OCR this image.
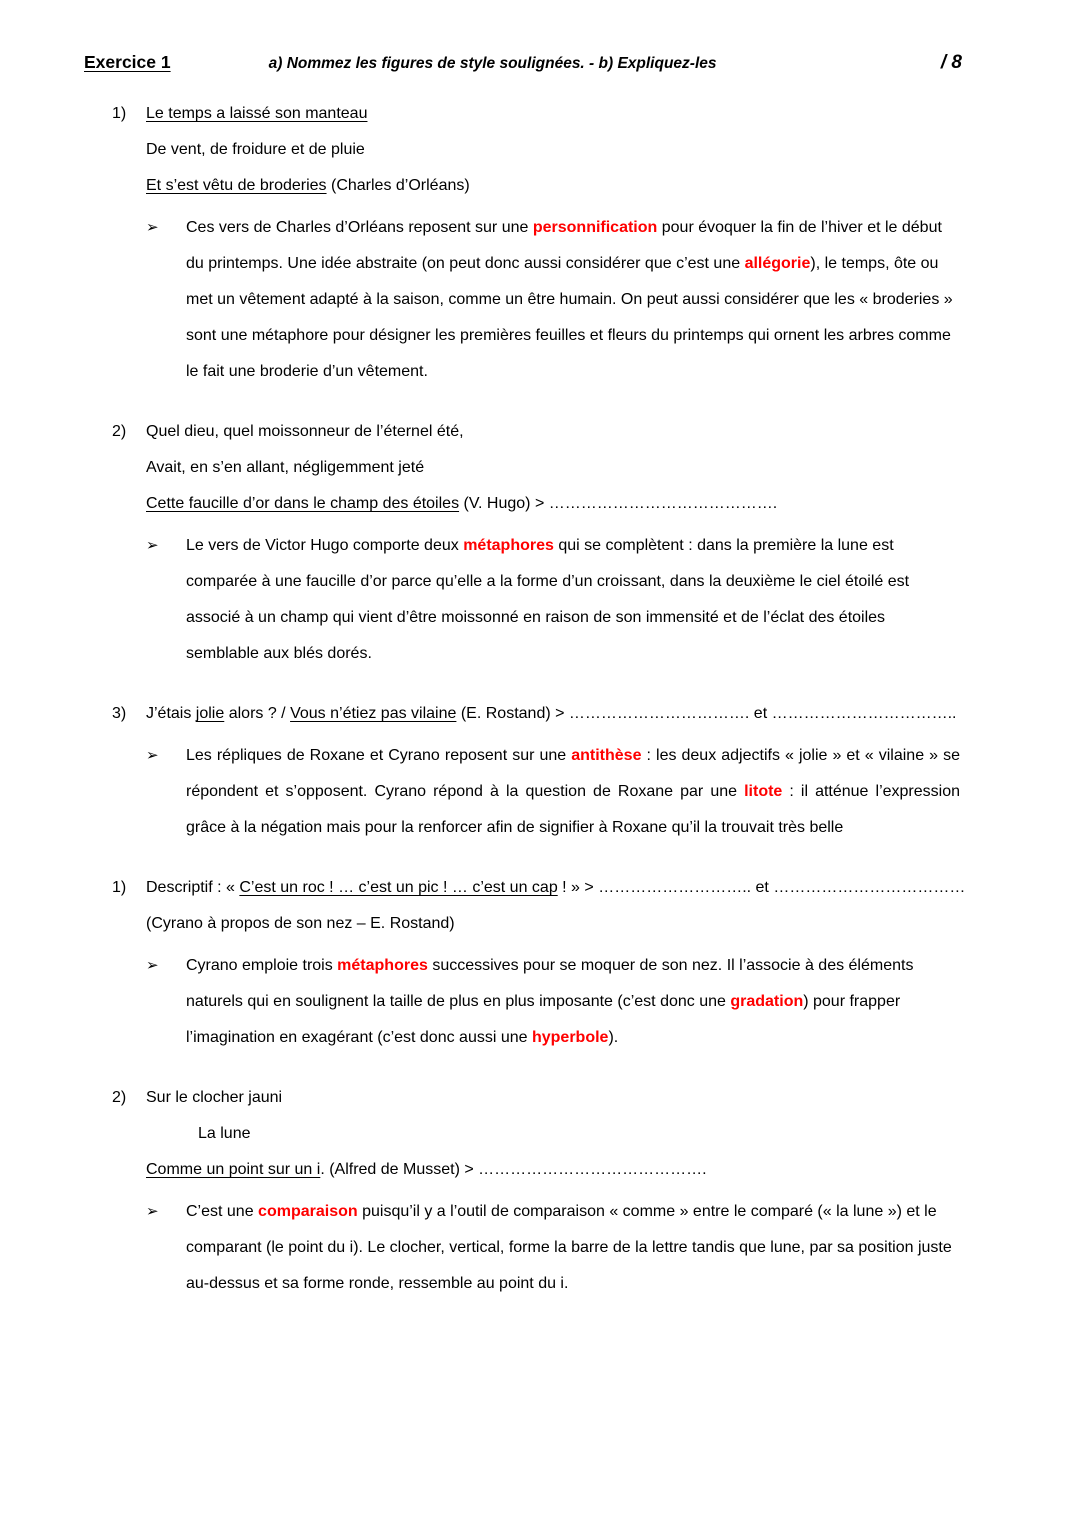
Exercice 1	a) Nommez les figures de style soulignées. - b) Expliquez-les	/ 8
1) Le temps a laissé son manteau
De vent, de froidure et de pluie
Et s’est vêtu de broderies (Charles d’Orléans)
➢ Ces vers de Charles d’Orléans reposent sur une personnification pour évoquer la fin de l’hiver et le début du printemps. Une idée abstraite (on peut donc aussi considérer que c’est une allégorie), le temps, ôte ou met un vêtement adapté à la saison, comme un être humain. On peut aussi considérer que les « broderies » sont une métaphore pour désigner les premières feuilles et fleurs du printemps qui ornent les arbres comme le fait une broderie d’un vêtement.
2) Quel dieu, quel moissonneur de l’éternel été,
Avait, en s’en allant, négligemment jeté
Cette faucille d’or dans le champ des étoiles (V. Hugo) > …………………………………….
➢ Le vers de Victor Hugo comporte deux métaphores qui se complètent : dans la première la lune est comparée à une faucille d’or parce qu’elle a la forme d’un croissant, dans la deuxième le ciel étoilé est associé à un champ qui vient d’être moissonné en raison de son immensité et de l’éclat des étoiles semblable aux blés dorés.
3) J’étais jolie alors ? / Vous n’étiez pas vilaine (E. Rostand) > ……………………………. et ……………………………..
➢ Les répliques de Roxane et Cyrano reposent sur une antithèse : les deux adjectifs « jolie » et « vilaine » se répondent et s’opposent. Cyrano répond à la question de Roxane par une litote : il atténue l’expression grâce à la négation mais pour la renforcer afin de signifier à Roxane qu’il la trouvait très belle
1) Descriptif : « C’est un roc ! … c’est un pic ! … c’est un cap ! » > ……………………….. et ………………………………
(Cyrano à propos de son nez – E. Rostand)
➢ Cyrano emploie trois métaphores successives pour se moquer de son nez. Il l’associe à des éléments naturels qui en soulignent la taille de plus en plus imposante (c’est donc une gradation) pour frapper l’imagination en exagérant (c’est donc aussi une hyperbole).
2) Sur le clocher jauni
La lune
Comme un point sur un i. (Alfred de Musset) > …………………………………….
➢ C’est une comparaison puisqu’il y a l’outil de comparaison « comme » entre le comparé (« la lune ») et le comparant (le point du i). Le clocher, vertical, forme la barre de la lettre tandis que lune, par sa position juste au-dessus et sa forme ronde, ressemble au point du i.
